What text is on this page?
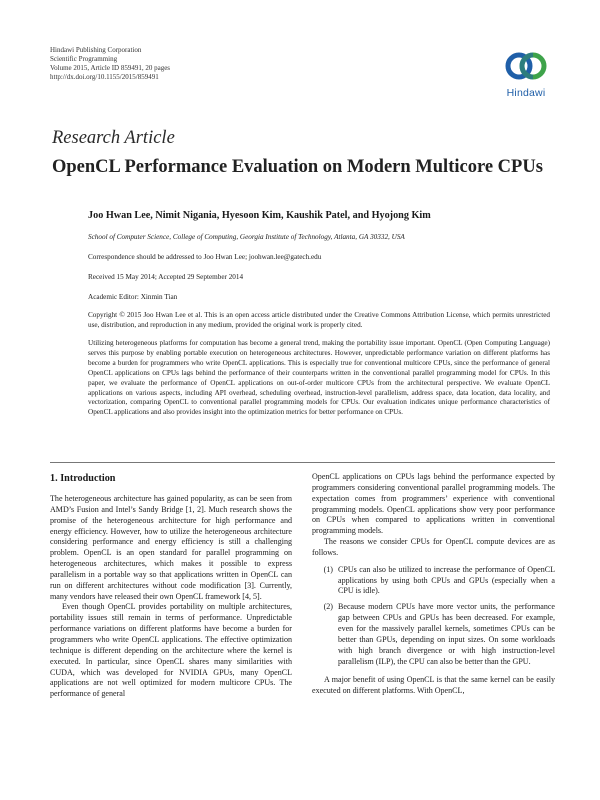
Hindawi Publishing Corporation
Scientific Programming
Volume 2015, Article ID 859491, 20 pages
http://dx.doi.org/10.1155/2015/859491
Hindawi
Research Article
OpenCL Performance Evaluation on Modern Multicore CPUs
Joo Hwan Lee, Nimit Nigania, Hyesoon Kim, Kaushik Patel, and Hyojong Kim
School of Computer Science, College of Computing, Georgia Institute of Technology, Atlanta, GA 30332, USA
Correspondence should be addressed to Joo Hwan Lee; joohwan.lee@gatech.edu
Received 15 May 2014; Accepted 29 September 2014
Academic Editor: Xinmin Tian
Copyright © 2015 Joo Hwan Lee et al. This is an open access article distributed under the Creative Commons Attribution License, which permits unrestricted use, distribution, and reproduction in any medium, provided the original work is properly cited.
Utilizing heterogeneous platforms for computation has become a general trend, making the portability issue important. OpenCL (Open Computing Language) serves this purpose by enabling portable execution on heterogeneous architectures. However, unpredictable performance variation on different platforms has become a burden for programmers who write OpenCL applications. This is especially true for conventional multicore CPUs, since the performance of general OpenCL applications on CPUs lags behind the performance of their counterparts written in the conventional parallel programming model for CPUs. In this paper, we evaluate the performance of OpenCL applications on out-of-order multicore CPUs from the architectural perspective. We evaluate OpenCL applications on various aspects, including API overhead, scheduling overhead, instruction-level parallelism, address space, data location, data locality, and vectorization, comparing OpenCL to conventional parallel programming models for CPUs. Our evaluation indicates unique performance characteristics of OpenCL applications and also provides insight into the optimization metrics for better performance on CPUs.
1. Introduction

The heterogeneous architecture has gained popularity, as can be seen from AMD’s Fusion and Intel’s Sandy Bridge [1, 2]. Much research shows the promise of the heterogeneous architecture for high performance and energy efficiency. However, how to utilize the heterogeneous architecture considering performance and energy efficiency is still a challenging problem. OpenCL is an open standard for parallel programming on heterogeneous architectures, which makes it possible to express parallelism in a portable way so that applications written in OpenCL can run on different architectures without code modification [3]. Currently, many vendors have released their own OpenCL framework [4, 5].

Even though OpenCL provides portability on multiple architectures, portability issues still remain in terms of performance. Unpredictable performance variations on different platforms have become a burden for programmers who write OpenCL applications. The effective optimization technique is different depending on the architecture where the kernel is executed. In particular, since OpenCL shares many similarities with CUDA, which was developed for NVIDIA GPUs, many OpenCL applications are not well optimized for modern multicore CPUs. The performance of general

OpenCL applications on CPUs lags behind the performance expected by programmers considering conventional parallel programming models. The expectation comes from programmers’ experience with conventional programming models. OpenCL applications show very poor performance on CPUs when compared to applications written in conventional programming models.

The reasons we consider CPUs for OpenCL compute devices are as follows.

(1) CPUs can also be utilized to increase the performance of OpenCL applications by using both CPUs and GPUs (especially when a CPU is idle).
(2) Because modern CPUs have more vector units, the performance gap between CPUs and GPUs has been decreased. For example, even for the massively parallel kernels, sometimes CPUs can be better than GPUs, depending on input sizes. On some workloads with high branch divergence or with high instruction-level parallelism (ILP), the CPU can also be better than the GPU.

A major benefit of using OpenCL is that the same kernel can be easily executed on different platforms. With OpenCL,
